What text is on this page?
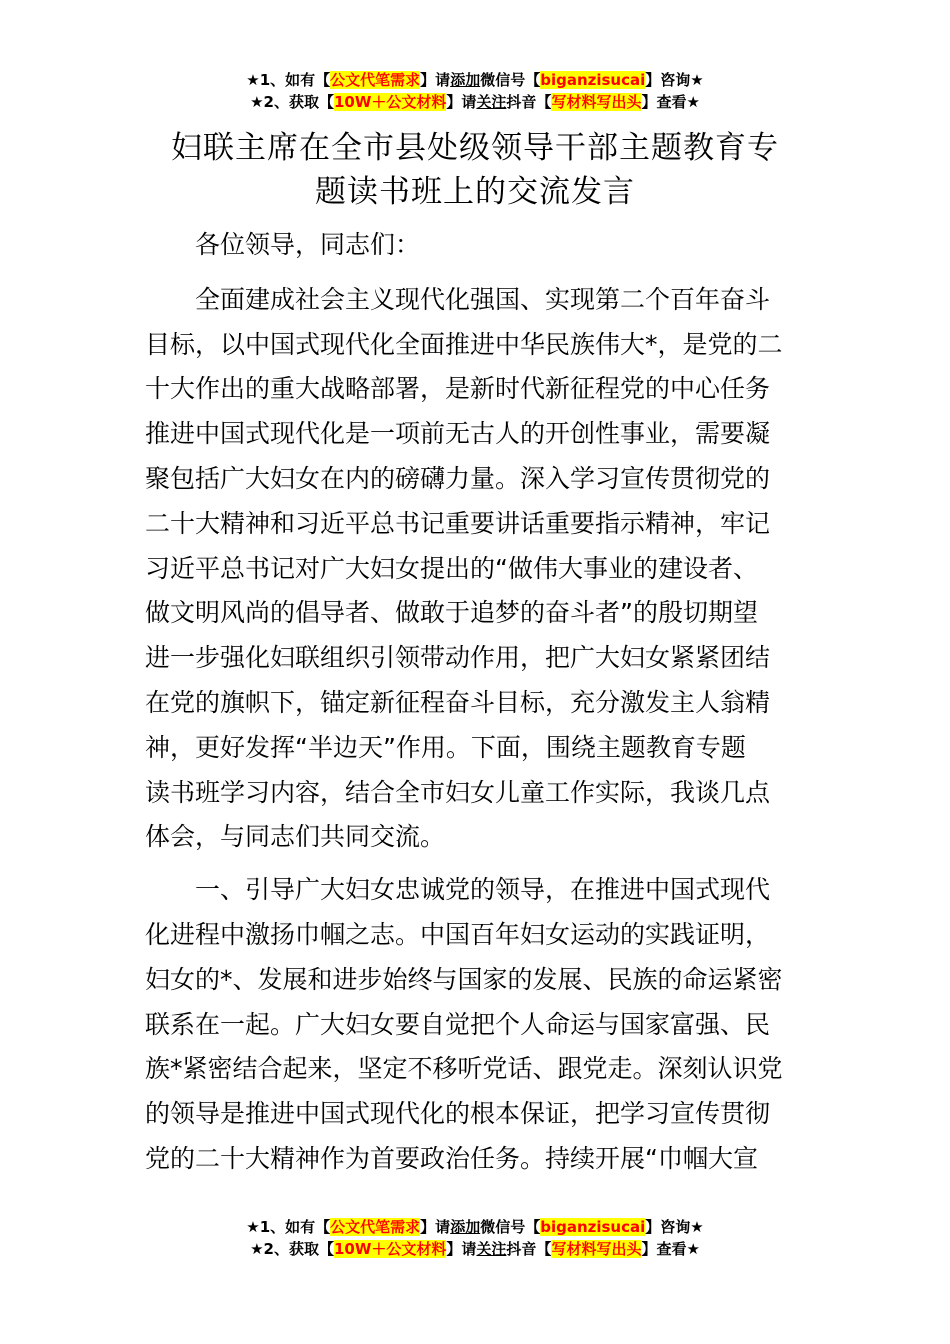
★1、如有【公文代笔需求】请添加微信号【biganzisucai】咨询★
★2、获取【10W＋公文材料】请关注抖音【写材料写出头】查看★
妇联主席在全市县处级领导干部主题教育专
题读书班上的交流发言
各位领导，同志们：
全面建成社会主义现代化强国、实现第二个百年奋斗
目标，以中国式现代化全面推进中华民族伟大*，是党的二
十大作出的重大战略部署，是新时代新征程党的中心任务
推进中国式现代化是一项前无古人的开创性事业，需要凝
聚包括广大妇女在内的磅礴力量。深入学习宣传贯彻党的
二十大精神和习近平总书记重要讲话重要指示精神，牢记
习近平总书记对广大妇女提出的“做伟大事业的建设者、
做文明风尚的倡导者、做敢于追梦的奋斗者”的殷切期望
进一步强化妇联组织引领带动作用，把广大妇女紧紧团结
在党的旗帜下，锚定新征程奋斗目标，充分激发主人翁精
神，更好发挥“半边天”作用。下面，围绕主题教育专题
读书班学习内容，结合全市妇女儿童工作实际，我谈几点
体会，与同志们共同交流。
一、引导广大妇女忠诚党的领导，在推进中国式现代
化进程中激扬巾帼之志。中国百年妇女运动的实践证明，
妇女的*、发展和进步始终与国家的发展、民族的命运紧密
联系在一起。广大妇女要自觉把个人命运与国家富强、民
族*紧密结合起来，坚定不移听党话、跟党走。深刻认识党
的领导是推进中国式现代化的根本保证，把学习宣传贯彻
党的二十大精神作为首要政治任务。持续开展“巾帼大宣
★1、如有【公文代笔需求】请添加微信号【biganzisucai】咨询★
★2、获取【10W＋公文材料】请关注抖音【写材料写出头】查看★
